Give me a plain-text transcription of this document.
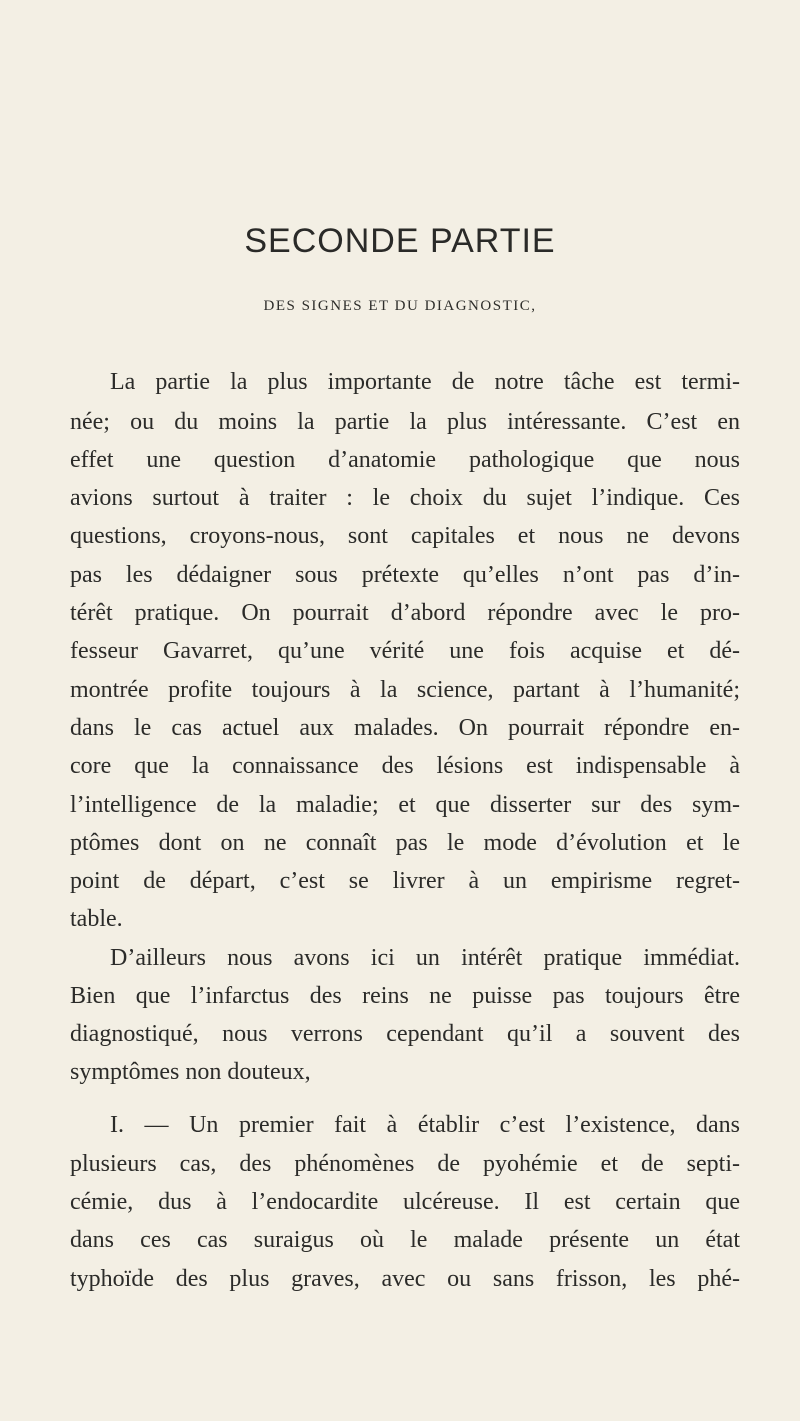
SECONDE PARTIE
DES SIGNES ET DU DIAGNOSTIC,
La partie la plus importante de notre tâche est termi-
née; ou du moins la partie la plus intéressante. C’est en
effet une question d’anatomie pathologique que nous
avions surtout à traiter : le choix du sujet l’indique. Ces
questions, croyons-nous, sont capitales et nous ne devons
pas les dédaigner sous prétexte qu’elles n’ont pas d’in-
térêt pratique. On pourrait d’abord répondre avec le pro-
fesseur Gavarret, qu’une vérité une fois acquise et dé-
montrée profite toujours à la science, partant à l’humanité;
dans le cas actuel aux malades. On pourrait répondre en-
core que la connaissance des lésions est indispensable à
l’intelligence de la maladie; et que disserter sur des sym-
ptômes dont on ne connaît pas le mode d’évolution et le
point de départ, c’est se livrer à un empirisme regret-
table.
D’ailleurs nous avons ici un intérêt pratique immédiat.
Bien que l’infarctus des reins ne puisse pas toujours être
diagnostiqué, nous verrons cependant qu’il a souvent des
symptômes non douteux,
I. — Un premier fait à établir c’est l’existence, dans
plusieurs cas, des phénomènes de pyohémie et de septi-
cémie, dus à l’endocardite ulcéreuse. Il est certain que
dans ces cas suraigus où le malade présente un état
typhoïde des plus graves, avec ou sans frisson, les phé-
